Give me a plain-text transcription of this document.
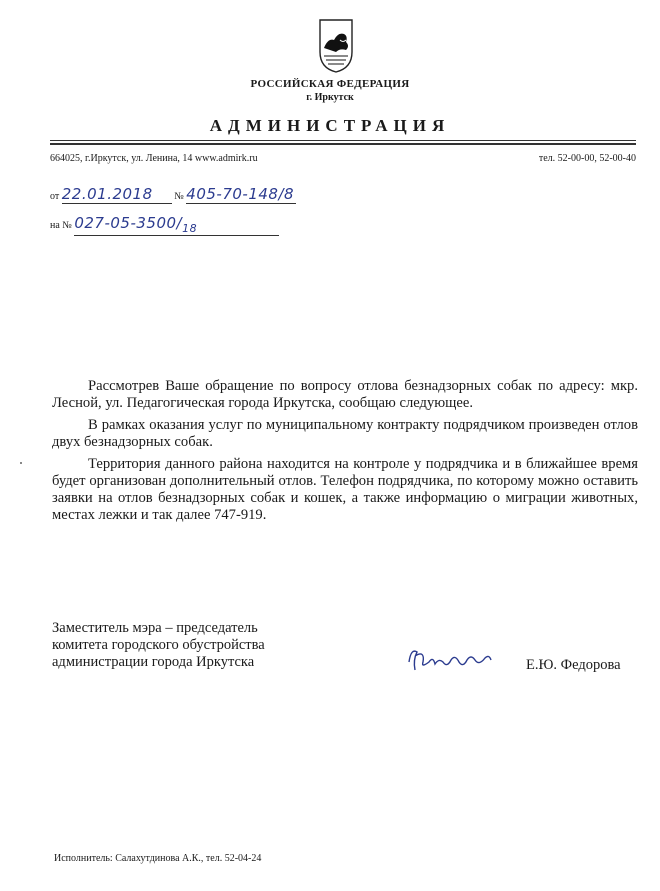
РОССИЙСКАЯ ФЕДЕРАЦИЯ
г. Иркутск
АДМИНИСТРАЦИЯ
664025, г.Иркутск, ул. Ленина, 14 www.admirk.ru	тел. 52-00-00, 52-00-40
от 22.01.2018 № 405-70-148/8
на № 027-05-3500/18

Рассмотрев Ваше обращение по вопросу отлова безнадзорных собак по адресу: мкр. Лесной, ул. Педагогическая города Иркутска, сообщаю следующее.

В рамках оказания услуг по муниципальному контракту подрядчиком произведен отлов двух безнадзорных собак.

Территория данного района находится на контроле у подрядчика и в ближайшее время будет организован дополнительный отлов. Телефон подрядчика, по которому можно оставить заявки на отлов безнадзорных собак и кошек, а также информацию о миграции животных, местах лежки и так далее 747-919.

Заместитель мэра – председатель
комитета городского обустройства
администрации города Иркутска	Е.Ю. Федорова
Исполнитель: Салахутдинова А.К., тел. 52-04-24
